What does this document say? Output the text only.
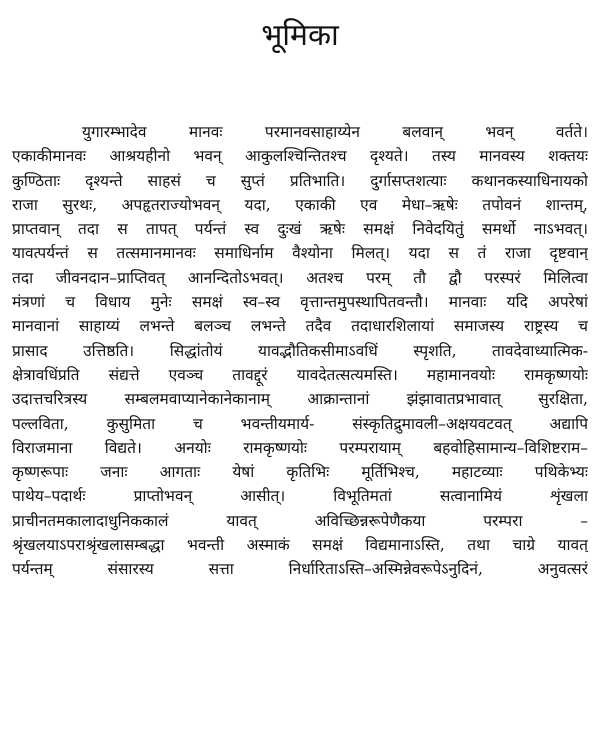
भूमिका
युगारम्भादेव मानवः परमानवसाहाय्येन बलवान् भवन् वर्तते।
एकाकीमानवः आश्रयहीनो भवन् आकुलश्चिन्तितश्च दृश्यते। तस्य मानवस्य शक्तयः
कुण्ठिताः दृश्यन्ते साहसं च सुप्तं प्रतिभाति। दुर्गासप्तशत्याः कथानकस्याधिनायको
राजा सुरथः, अपहृतराज्योभवन् यदा, एकाकी एव मेधा–ऋषेः तपोवनं शान्तम्,
प्राप्तवान् तदा स तापत् पर्यन्तं स्व दुःखं ऋषेः समक्षं निवेदयितुं समर्थो नाऽभवत्।
यावत्पर्यन्तं स तत्समानमानवः समाधिर्नाम वैश्योना मिलत्। यदा स तं राजा दृष्टवान्
तदा जीवनदान–प्राप्तिवत् आनन्दितोऽभवत्। अतश्च परम् तौ द्वौ परस्परं मिलित्वा
मंत्रणां च विधाय मुनेः समक्षं स्व–स्व वृत्तान्तमुपस्थापितवन्तौ। मानवाः यदि अपरेषां
मानवानां साहाय्यं लभन्ते बलञ्च लभन्ते तदैव तदाधारशिलायां समाजस्य राष्ट्रस्य च
प्रासाद उत्तिष्ठति। सिद्धांतोयं यावद्भौतिकसीमाऽवधिं स्पृशति, तावदेवाध्यात्मिक-
क्षेत्रावधिंप्रति संद्यत्ते एवञ्च तावद्दूरं यावदेतत्सत्यमस्ति। महामानवयोः रामकृष्णयोः
उदात्तचरित्रस्य सम्बलमवाप्यानेकानेकानाम् आक्रान्तानां झंझावातप्रभावात् सुरक्षिता,
पल्लविता, कुसुमिता च भवन्तीयमार्य- संस्कृतिद्रुमावली–अक्षयवटवत् अद्यापि
विराजमाना विद्यते। अनयोः रामकृष्णयोः परम्परायाम् बहवोहिसामान्य–विशिष्टराम–
कृष्णरूपाः जनाः आगताः येषां कृतिभिः मूर्तिभिश्च, महाटव्याः पथिकेभ्यः
पाथेय–पदार्थः प्राप्तोभवन् आसीत्। विभूतिमतां सत्वानामियं शृंखला
प्राचीनतमकालादाधुनिककालं यावत् अविच्छिन्नरूपेणैकया परम्परा –
श्रृंखलयाऽपराश्रृंखलासम्बद्धा भवन्ती अस्माकं समक्षं विद्यमानाऽस्ति, तथा चाग्रे यावत्
पर्यन्तम् संसारस्य सत्ता निर्धारिताऽस्ति–अस्मिन्नेवरूपेऽनुदिनं, अनुवत्सरं
